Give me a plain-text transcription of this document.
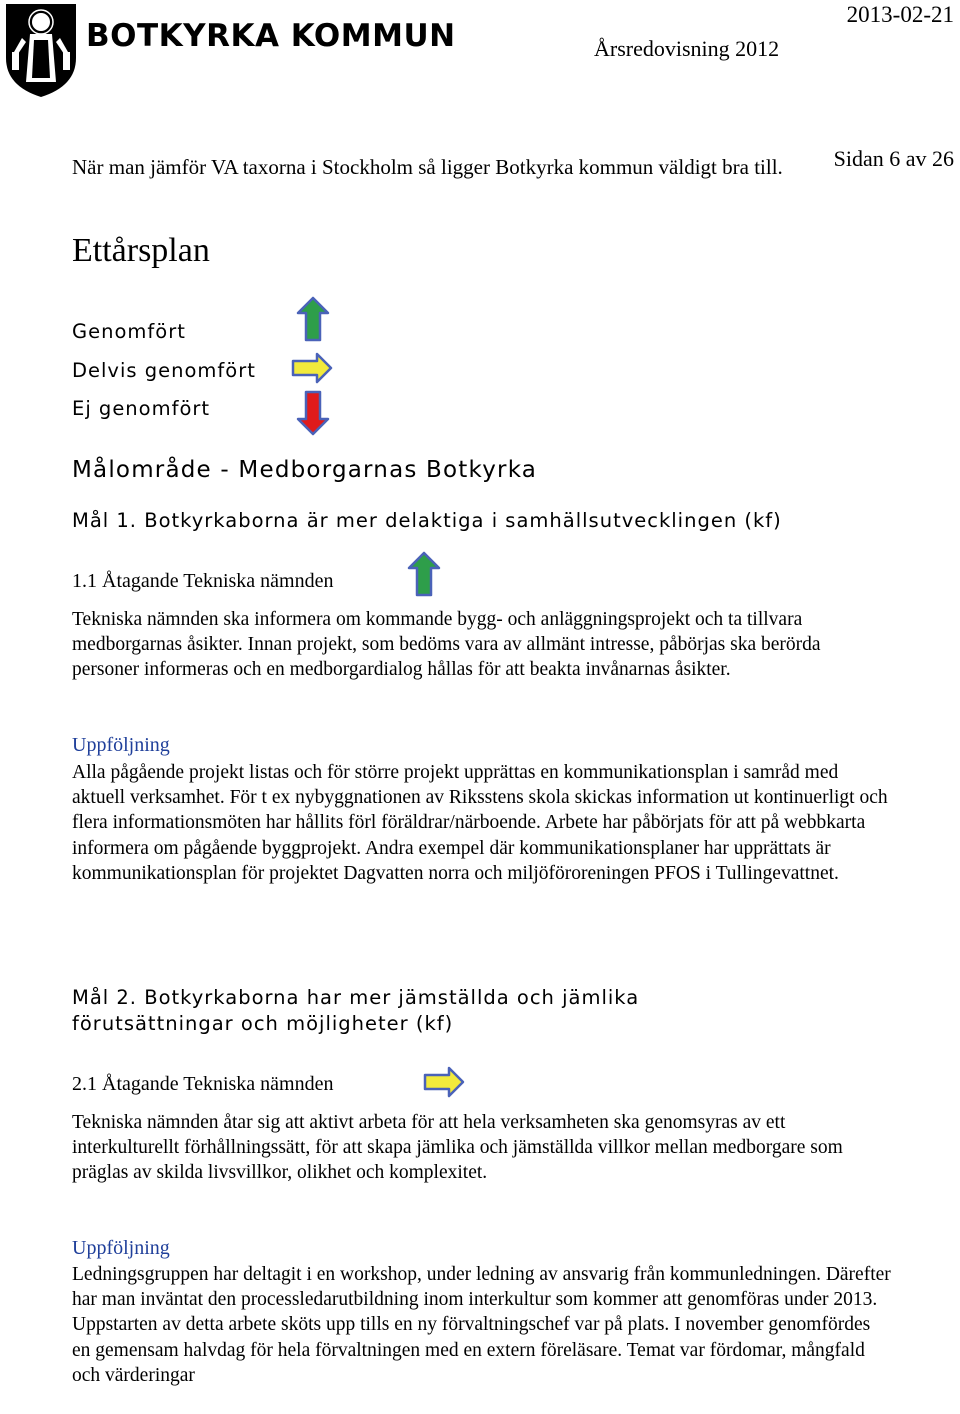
BOTKYRKA KOMMUN
2013-02-21
Årsredovisning 2012
Sidan 6 av 26
När man jämför VA taxorna i Stockholm så ligger Botkyrka kommun väldigt bra till.
Ettårsplan
Genomfört
Delvis genomfört
Ej genomfört
Målområde - Medborgarnas Botkyrka
Mål 1. Botkyrkaborna är mer delaktiga i samhällsutvecklingen (kf)
1.1 Åtagande Tekniska nämnden
Tekniska nämnden ska informera om kommande bygg- och anläggningsprojekt och ta tillvara medborgarnas åsikter. Innan projekt, som bedöms vara av allmänt intresse, påbörjas ska berörda personer informeras och en medborgardialog hållas för att beakta invånarnas åsikter.
Uppföljning
Alla pågående projekt listas och för större projekt upprättas en kommunikationsplan i samråd med aktuell verksamhet. För t ex nybyggnationen av Riksstens skola skickas information ut kontinuerligt och flera informationsmöten har hållits förl föräldrar/närboende. Arbete har påbörjats för att på webbkarta informera om pågående byggprojekt. Andra exempel där kommunikationsplaner har upprättats är kommunikationsplan för projektet Dagvatten norra och miljöföroreningen PFOS i Tullingevattnet.
Mål 2. Botkyrkaborna har mer jämställda och jämlika förutsättningar och möjligheter (kf)
2.1 Åtagande Tekniska nämnden
Tekniska nämnden åtar sig att aktivt arbeta för att hela verksamheten ska genomsyras av ett interkulturellt förhållningssätt, för att skapa jämlika och jämställda villkor mellan medborgare som präglas av skilda livsvillkor, olikhet och komplexitet.
Uppföljning
Ledningsgruppen har deltagit i en workshop, under ledning av ansvarig från kommunledningen. Därefter har man inväntat den processledarutbildning inom interkultur som kommer att genomföras under 2013. Uppstarten av detta arbete sköts upp tills en ny förvaltningschef var på plats. I november genomfördes en gemensam halvdag för hela förvaltningen med en extern föreläsare. Temat var fördomar, mångfald och värderingar
